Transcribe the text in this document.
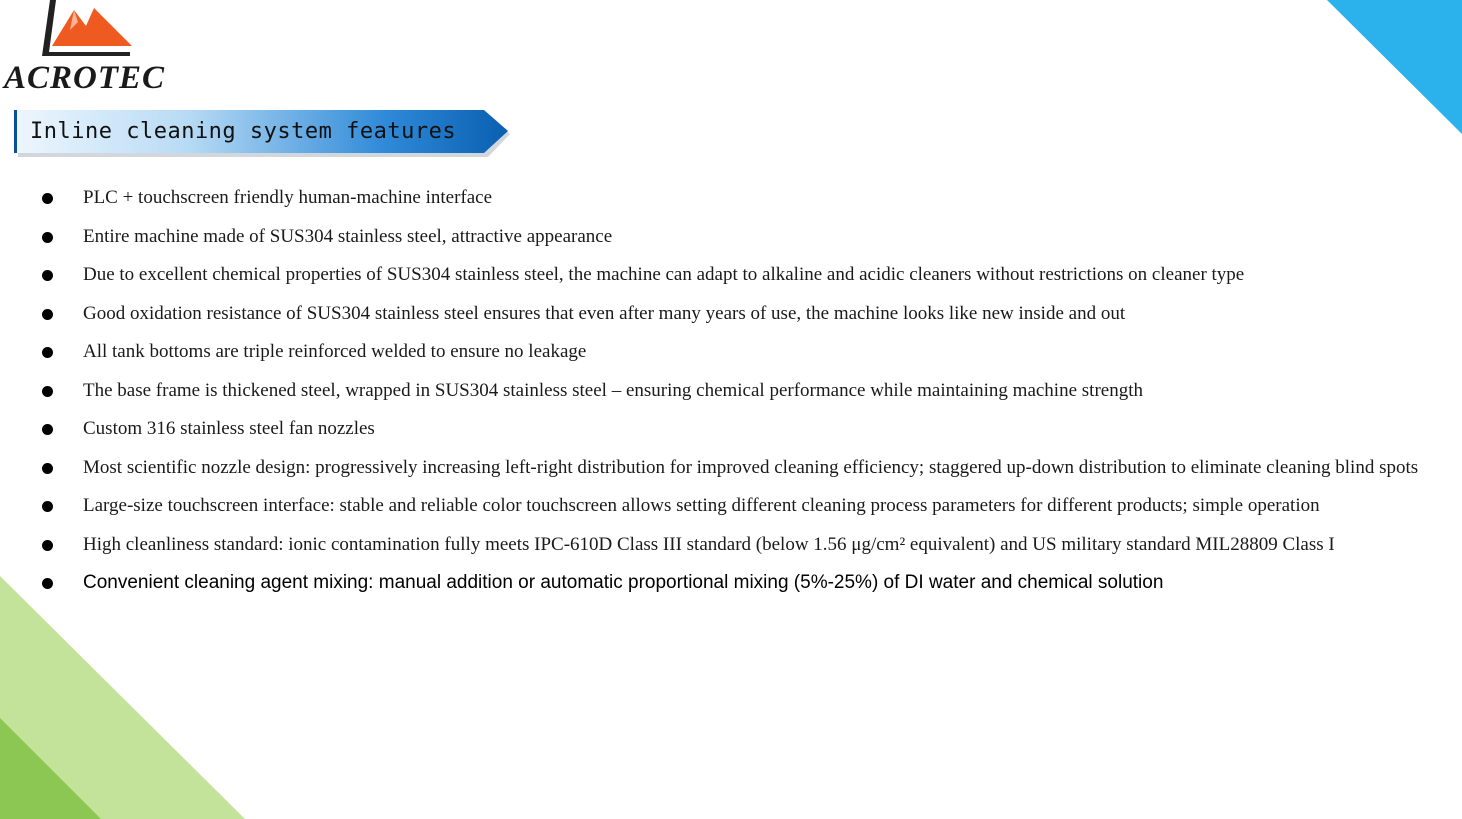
ACROTEC
Inline cleaning system features
PLC + touchscreen friendly human-machine interface
Entire machine made of SUS304 stainless steel, attractive appearance
Due to excellent chemical properties of SUS304 stainless steel, the machine can adapt to alkaline and acidic cleaners without restrictions on cleaner type
Good oxidation resistance of SUS304 stainless steel ensures that even after many years of use, the machine looks like new inside and out
All tank bottoms are triple reinforced welded to ensure no leakage
The base frame is thickened steel, wrapped in SUS304 stainless steel – ensuring chemical performance while maintaining machine strength
Custom 316 stainless steel fan nozzles
Most scientific nozzle design: progressively increasing left-right distribution for improved cleaning efficiency; staggered up-down distribution to eliminate cleaning blind spots
Large-size touchscreen interface: stable and reliable color touchscreen allows setting different cleaning process parameters for different products; simple operation
High cleanliness standard: ionic contamination fully meets IPC-610D Class III standard (below 1.56 μg/cm² equivalent) and US military standard MIL28809 Class I
Convenient cleaning agent mixing: manual addition or automatic proportional mixing (5%-25%) of DI water and chemical solution
